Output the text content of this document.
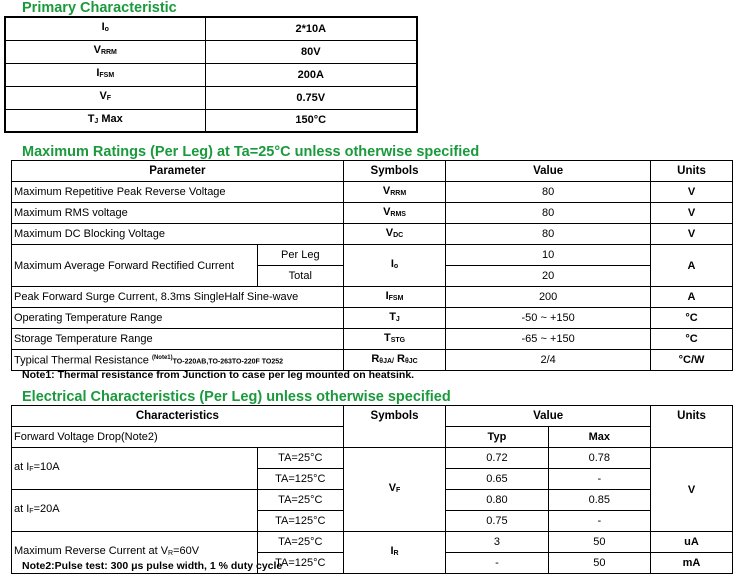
Primary Characteristic
$I_o$	2*10A
$V_{RRM}$	80V
$I_{FSM}$	200A
$V_F$	0.75V
$T_J$ Max	150°C
Maximum Ratings (Per Leg) at Ta=25°C unless otherwise specified
Parameter		Symbols	Value	Units
Maximum Repetitive Peak Reverse Voltage		$V_{RRM}$	80	V
Maximum RMS voltage		$V_{RMS}$	80	V
Maximum DC Blocking Voltage		$V_{DC}$	80	V
Maximum Average Forward Rectified Current	Per Leg	$I_o$	10	A
	Total		20	
Peak Forward Surge Current, 8.3ms SingleHalf Sine-wave		$I_{FSM}$	200	A
Operating Temperature Range		$T_J$	-50 ~ +150	°C
Storage Temperature Range		$T_{STG}$	-65 ~ +150	°C
Typical Thermal Resistance $^{(Note1)}$TO-220AB,TO-263TO-220F TO252		$R_{\theta JA/}$ $R_{\theta JC}$	2/4	°C/W
Note1: Thermal resistance from Junction to case per leg mounted on heatsink.
Electrical Characteristics (Per Leg) unless otherwise specified
Characteristics		Symbols	Value		Units
Forward Voltage Drop(Note2)			Typ	Max	
at $I_F=10A$	TA=25°C	$V_F$	0.72	0.78	V
	TA=125°C		0.65	-	
at $I_F=20A$	TA=25°C		0.80	0.85	
	TA=125°C		0.75	-	
Maximum Reverse Current at $V_R=60V$	TA=25°C	$I_R$	3	50	uA
	TA=125°C		-	50	mA
Note2:Pulse test: 300 μs pulse width, 1 % duty cycle
